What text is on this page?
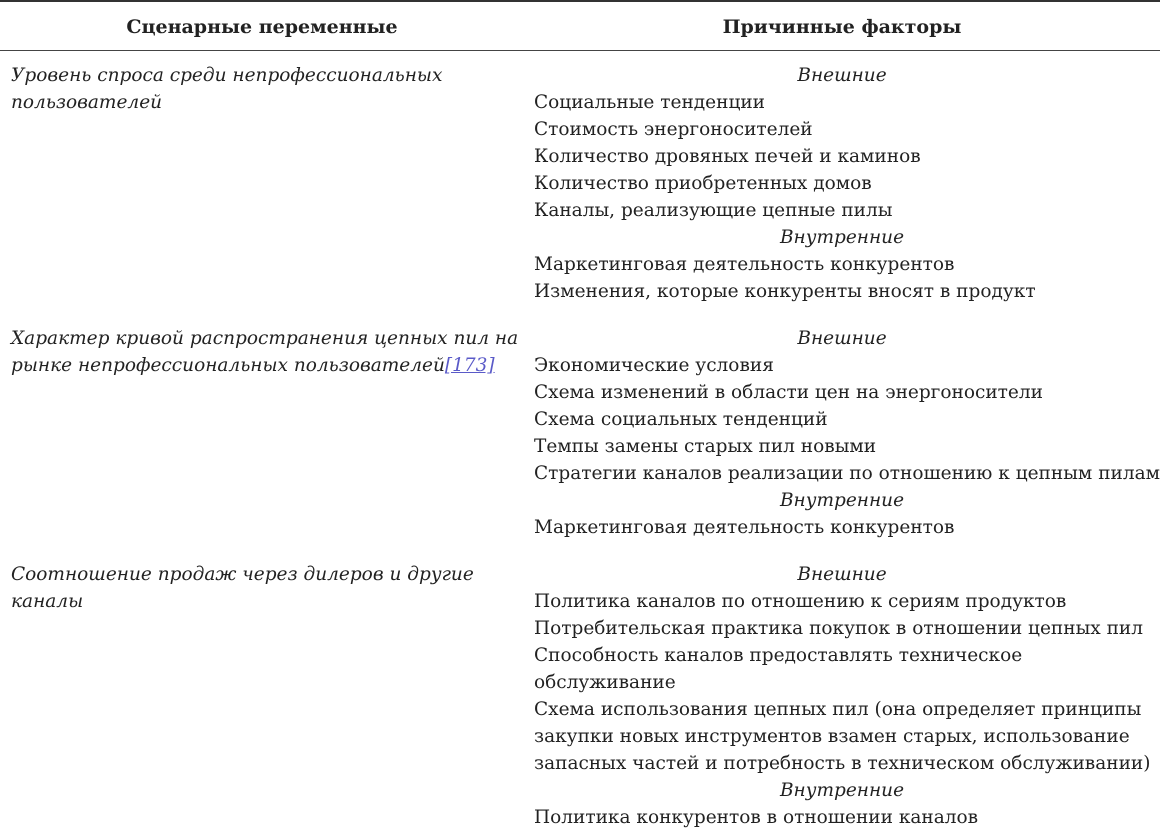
Сценарные переменные	Причинные факторы
Уровень спроса среди непрофессиональных
пользователей
Внешние
Социальные тенденции
Стоимость энергоносителей
Количество дровяных печей и каминов
Количество приобретенных домов
Каналы, реализующие цепные пилы
Внутренние
Маркетинговая деятельность конкурентов
Изменения, которые конкуренты вносят в продукт
Характер кривой распространения цепных пил на
рынке непрофессиональных пользователей[173]
Внешние
Экономические условия
Схема изменений в области цен на энергоносители
Схема социальных тенденций
Темпы замены старых пил новыми
Стратегии каналов реализации по отношению к цепным пилам
Внутренние
Маркетинговая деятельность конкурентов
Соотношение продаж через дилеров и другие
каналы
Внешние
Политика каналов по отношению к сериям продуктов
Потребительская практика покупок в отношении цепных пил
Способность каналов предоставлять техническое
обслуживание
Схема использования цепных пил (она определяет принципы
закупки новых инструментов взамен старых, использование
запасных частей и потребность в техническом обслуживании)
Внутренние
Политика конкурентов в отношении каналов
